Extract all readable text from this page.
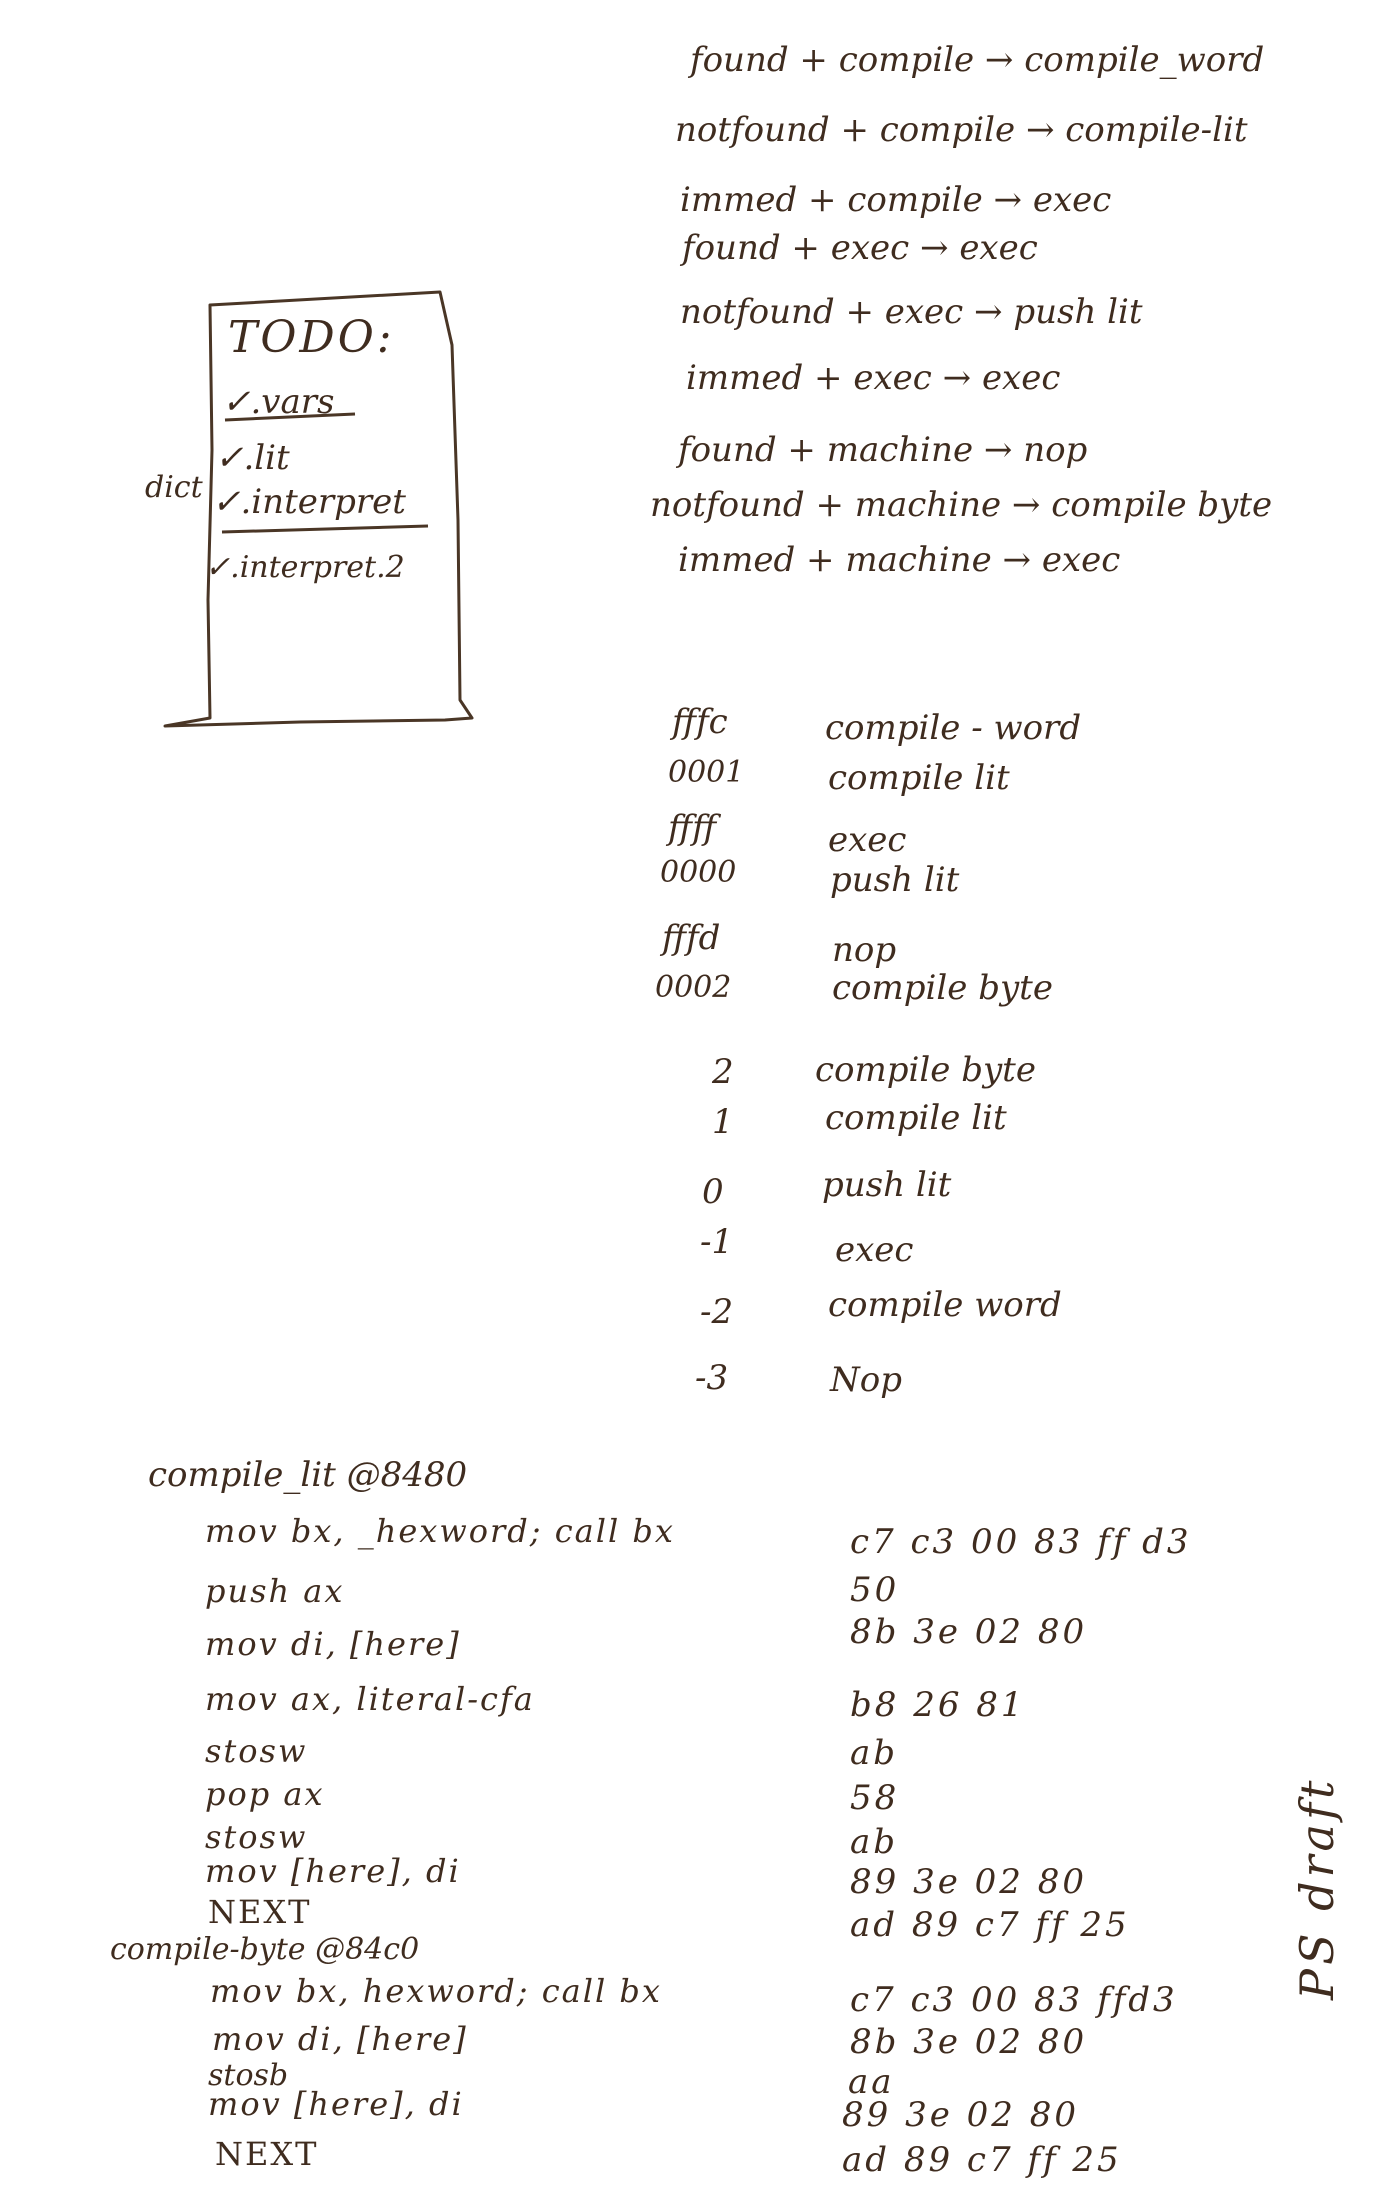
TODO:
dict
✓.vars
✓.lit
✓.interpret
✓.interpret.2
found + compile → compile_word
notfound + compile → compile-lit
immed + compile → exec
found + exec → exec
notfound + exec → push lit
immed + exec → exec
found + machine → nop
notfound + machine → compile byte
immed + machine → exec
fffc	compile - word
0001 compile lit
ffff	exec
0000	push lit
fffd	nop
0002	compile byte
2 compile byte
1	compile lit
0	push lit
-1	exec
-2	compile word
-3	Nop
compile_lit @8480
mov bx, _hexword; call bx	c7 c3 00 83 ff d3
push ax	50
mov di, [here]	8b 3e 02 80
mov ax, literal-cfa	b8 26 81
stosw	ab
pop ax	58
stosw	ab
mov [here], di	89 3e 02 80
NEXT	ad 89 c7 ff 25
compile-byte @84c0
mov bx, hexword; call bx	c7 c3 00 83 ffd3
mov di, [here]	8b 3e 02 80
stosb	aa
mov [here], di	89 3e 02 80
NEXT	ad 89 c7 ff 25
PS draft
